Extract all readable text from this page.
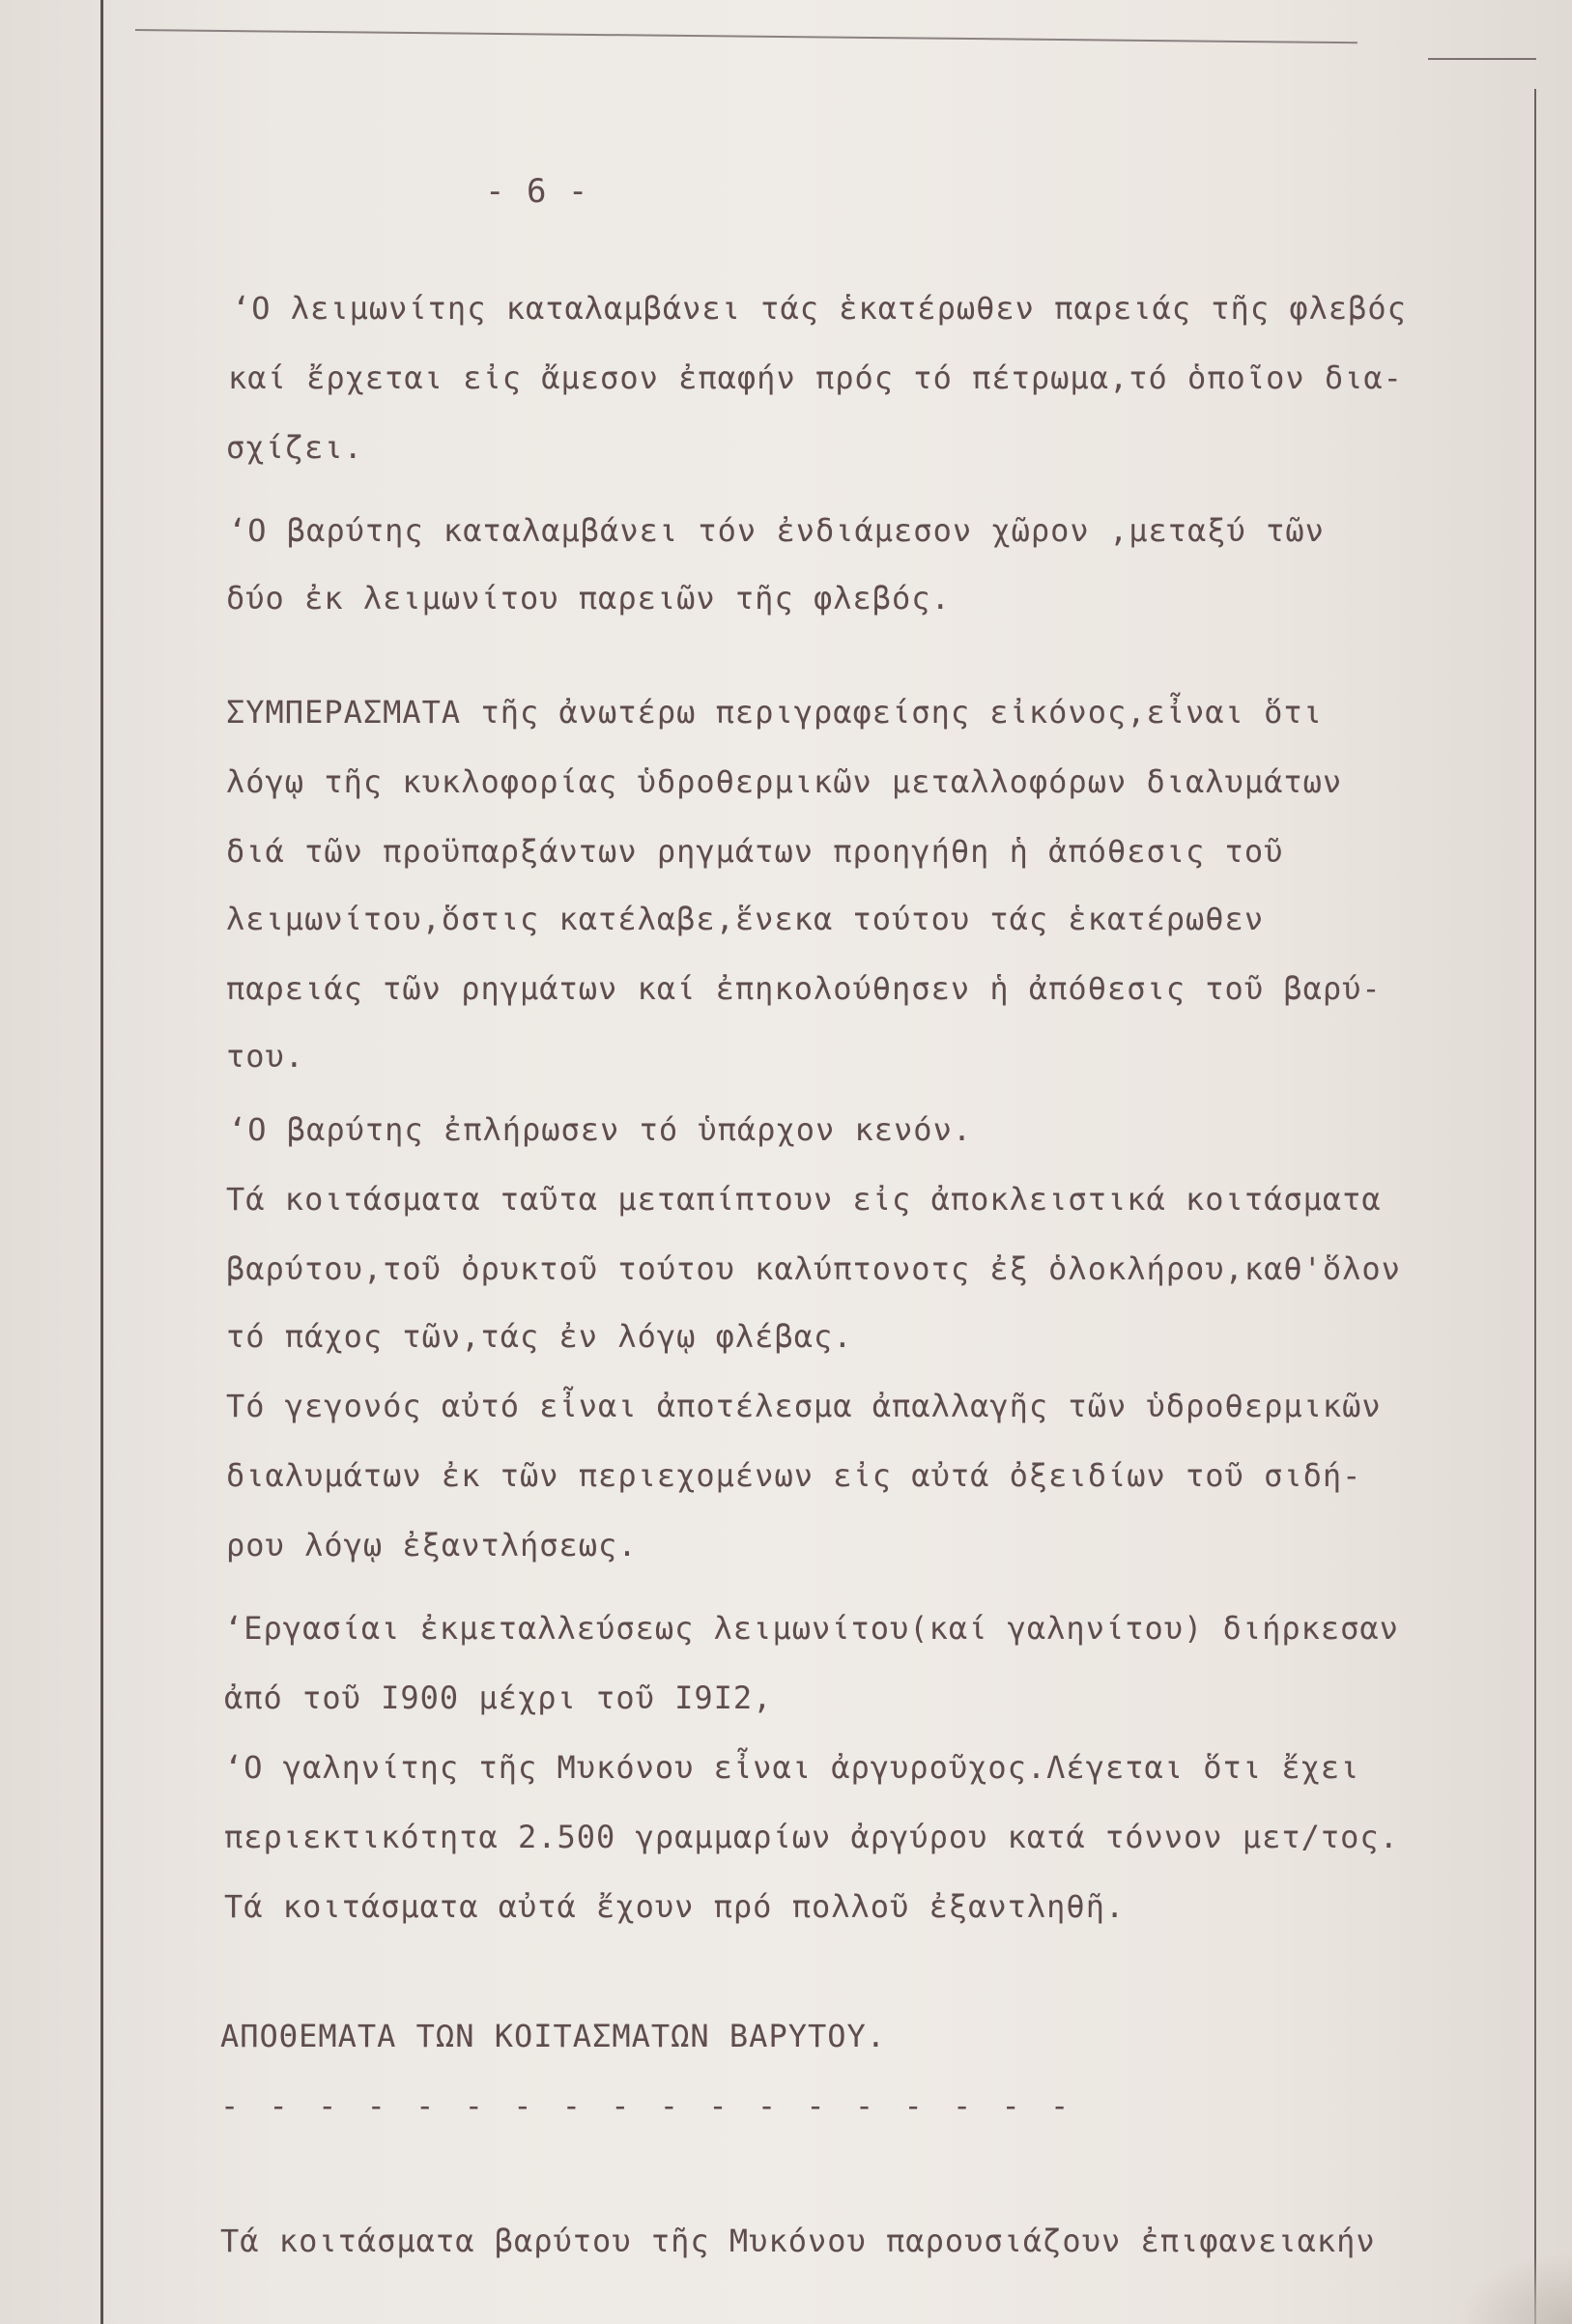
- 6 -
ʻΟ λειμωνίτης καταλαμβάνει τάς ἑκατέρωθεν παρειάς τῆς φλεβός
καί ἔρχεται εἰς ἄμεσον ἐπαφήν πρός τό πέτρωμα,τό ὁποῖον δια-
σχίζει.
ʻΟ βαρύτης καταλαμβάνει τόν ἐνδιάμεσον χῶρον ,μεταξύ τῶν
δύο ἐκ λειμωνίτου παρειῶν τῆς φλεβός.
ΣΥΜΠΕΡΑΣΜΑΤΑ τῆς ἀνωτέρω περιγραφείσης εἰκόνος,εἶναι ὅτι
λόγῳ τῆς κυκλοφορίας ὑδροθερμικῶν μεταλλοφόρων διαλυμάτων
διά τῶν προϋπαρξάντων ρηγμάτων προηγήθη ἡ ἀπόθεσις τοῦ
λειμωνίτου,ὅστις κατέλαβε,ἕνεκα τούτου τάς ἑκατέρωθεν
παρειάς τῶν ρηγμάτων καί ἐπηκολούθησεν ἡ ἀπόθεσις τοῦ βαρύ-
του.
ʻΟ βαρύτης ἐπλήρωσεν τό ὑπάρχον κενόν.
Τά κοιτάσματα ταῦτα μεταπίπτουν εἰς ἀποκλειστικά κοιτάσματα
βαρύτου,τοῦ ὀρυκτοῦ τούτου καλύπτονοτς ἐξ ὁλοκλήρου,καθ'ὅλον
τό πάχος τῶν,τάς ἐν λόγῳ φλέβας.
Τό γεγονός αὐτό εἶναι ἀποτέλεσμα ἀπαλλαγῆς τῶν ὑδροθερμικῶν
διαλυμάτων ἐκ τῶν περιεχομένων εἰς αὐτά ὀξειδίων τοῦ σιδή-
ρου λόγῳ ἐξαντλήσεως.
ʻΕργασίαι ἐκμεταλλεύσεως λειμωνίτου(καί γαληνίτου) διήρκεσαν
ἀπό τοῦ Ι900 μέχρι τοῦ Ι9Ι2,
ʻΟ γαληνίτης τῆς Μυκόνου εἶναι ἀργυροῦχος.Λέγεται ὅτι ἔχει
περιεκτικότητα 2.500 γραμμαρίων ἀργύρου κατά τόννον μετ/τος.
Τά κοιτάσματα αὐτά ἔχουν πρό πολλοῦ ἐξαντληθῆ.
ΑΠΟΘΕΜΑΤΑ ΤΩΝ ΚΟΙΤΑΣΜΑΤΩΝ ΒΑΡΥΤΟΥ.
- - - - - - - - - - - - - - - - - -
Τά κοιτάσματα βαρύτου τῆς Μυκόνου παρουσιάζουν ἐπιφανειακήν
